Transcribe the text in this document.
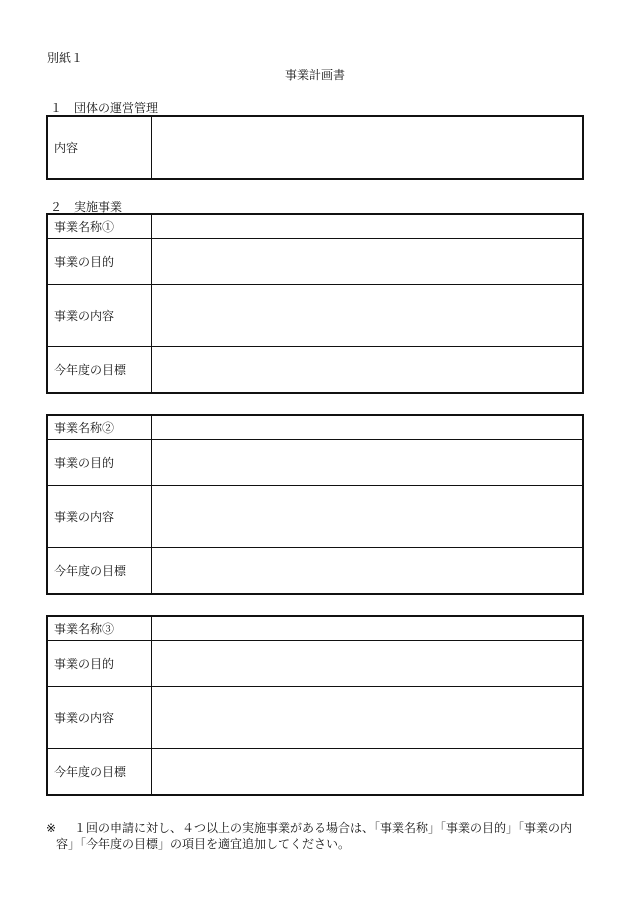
別紙１
事業計画書
１　団体の運営管理
内容	
２　実施事業
事業名称①	
事業の目的	
事業の内容	
今年度の目標	
事業名称②	
事業の目的	
事業の内容	
今年度の目標	
事業名称③	
事業の目的	
事業の内容	
今年度の目標	
※ １回の申請に対し、４つ以上の実施事業がある場合は、「事業名称」「事業の目的」「事業の内
容」「今年度の目標」の項目を適宜追加してください。
